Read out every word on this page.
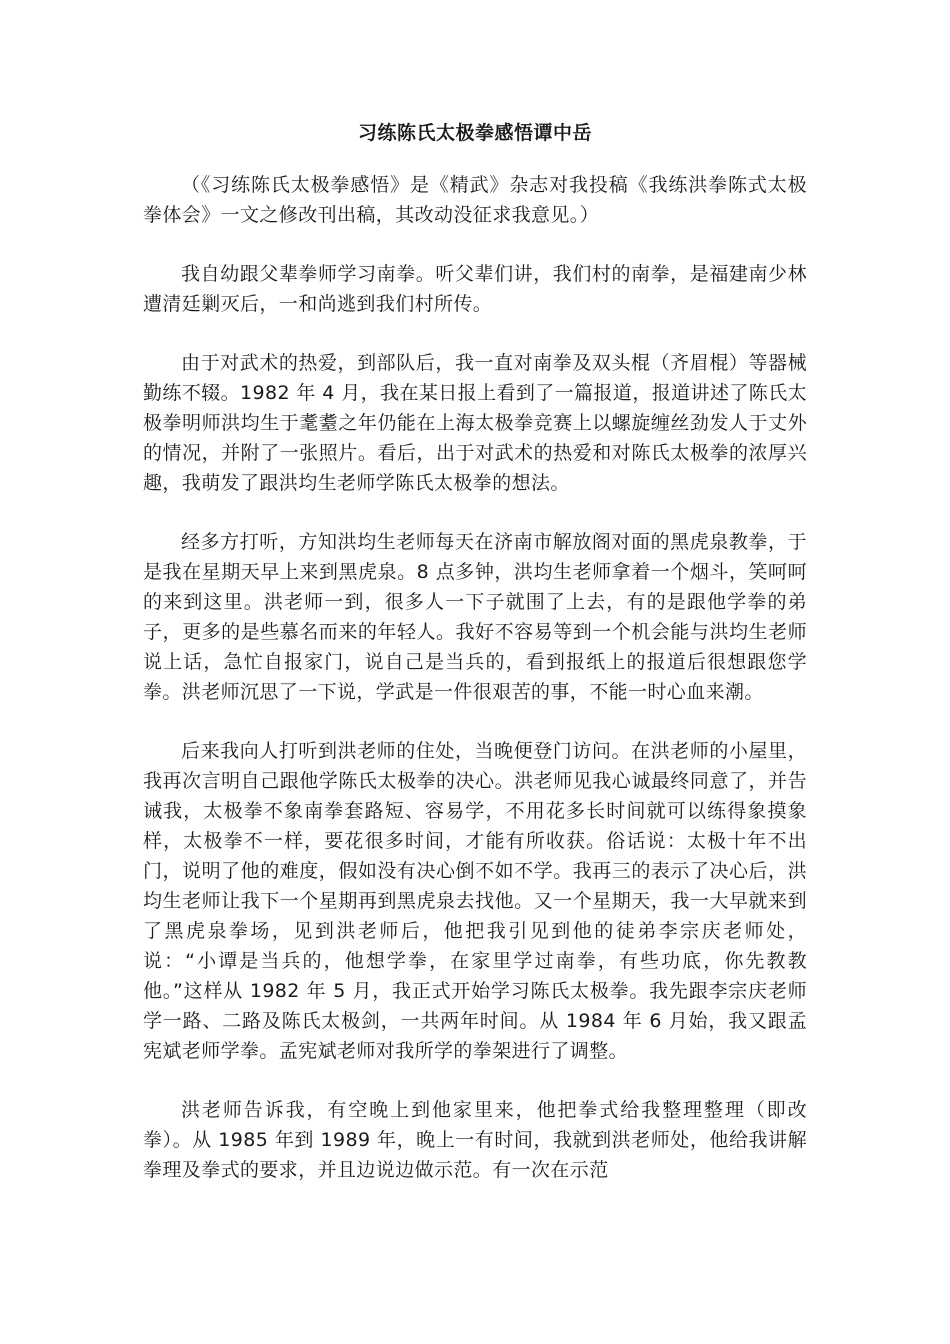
习练陈氏太极拳感悟谭中岳

（《习练陈氏太极拳感悟》是《精武》杂志对我投稿《我练洪拳陈式太极拳体会》一文之修改刊出稿，其改动没征求我意见。）

我自幼跟父辈拳师学习南拳。听父辈们讲，我们村的南拳，是福建南少林遭清廷剿灭后，一和尚逃到我们村所传。

由于对武术的热爱，到部队后，我一直对南拳及双头棍（齐眉棍）等器械勤练不辍。1982 年 4 月，我在某日报上看到了一篇报道，报道讲述了陈氏太极拳明师洪均生于耄耋之年仍能在上海太极拳竞赛上以螺旋缠丝劲发人于丈外的情况，并附了一张照片。看后，出于对武术的热爱和对陈氏太极拳的浓厚兴趣，我萌发了跟洪均生老师学陈氏太极拳的想法。

经多方打听，方知洪均生老师每天在济南市解放阁对面的黑虎泉教拳，于是我在星期天早上来到黑虎泉。8 点多钟，洪均生老师拿着一个烟斗，笑呵呵的来到这里。洪老师一到，很多人一下子就围了上去，有的是跟他学拳的弟子，更多的是些慕名而来的年轻人。我好不容易等到一个机会能与洪均生老师说上话，急忙自报家门，说自己是当兵的，看到报纸上的报道后很想跟您学拳。洪老师沉思了一下说，学武是一件很艰苦的事，不能一时心血来潮。

后来我向人打听到洪老师的住处，当晚便登门访问。在洪老师的小屋里，我再次言明自己跟他学陈氏太极拳的决心。洪老师见我心诚最终同意了，并告诫我，太极拳不象南拳套路短、容易学，不用花多长时间就可以练得象摸象样，太极拳不一样，要花很多时间，才能有所收获。俗话说：太极十年不出门，说明了他的难度，假如没有决心倒不如不学。我再三的表示了决心后，洪均生老师让我下一个星期再到黑虎泉去找他。又一个星期天，我一大早就来到了黑虎泉拳场，见到洪老师后，他把我引见到他的徒弟李宗庆老师处，说：“小谭是当兵的，他想学拳，在家里学过南拳，有些功底，你先教教他。”这样从 1982 年 5 月，我正式开始学习陈氏太极拳。我先跟李宗庆老师学一路、二路及陈氏太极剑，一共两年时间。从 1984 年 6 月始，我又跟孟宪斌老师学拳。孟宪斌老师对我所学的拳架进行了调整。

洪老师告诉我，有空晚上到他家里来，他把拳式给我整理整理（即改拳）。从 1985 年到 1989 年，晚上一有时间，我就到洪老师处，他给我讲解拳理及拳式的要求，并且边说边做示范。有一次在示范
